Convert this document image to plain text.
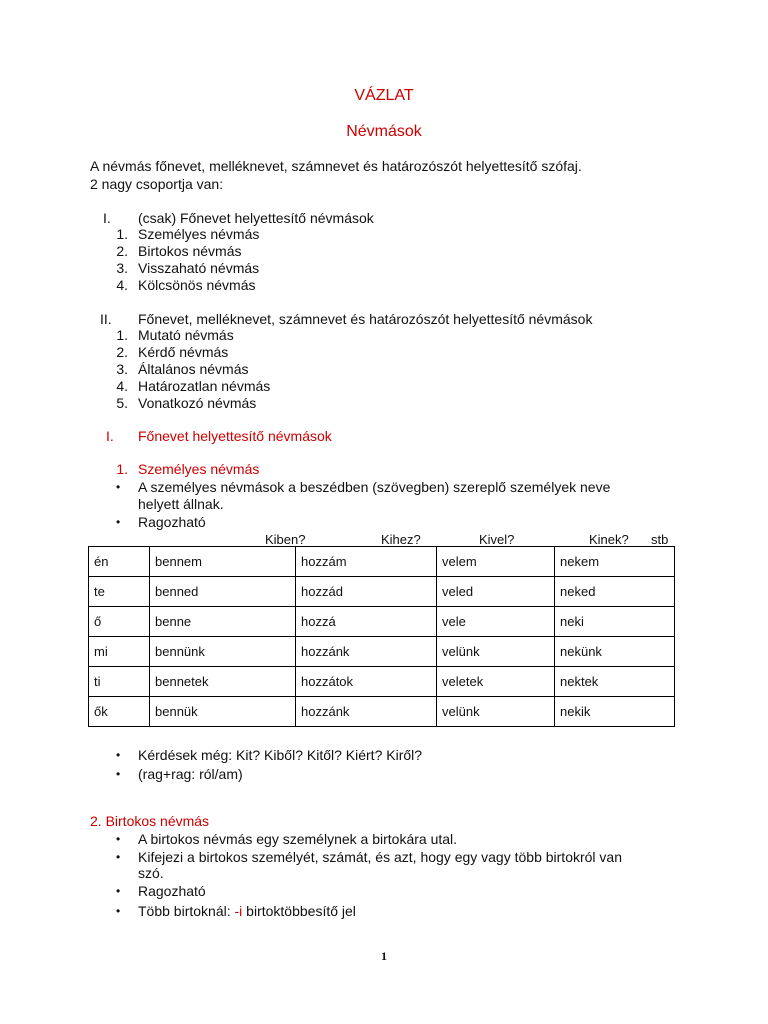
VÁZLAT
Névmások
A névmás főnevet, melléknevet, számnevet és határozószót helyettesítő szófaj.
2 nagy csoportja van:
I. (csak) Főnevet helyettesítő névmások
1. Személyes névmás
2. Birtokos névmás
3. Visszaható névmás
4. Kölcsönös névmás
II. Főnevet, melléknevet, számnevet és határozószót helyettesítő névmások
1. Mutató névmás
2. Kérdő névmás
3. Általános névmás
4. Határozatlan névmás
5. Vonatkozó névmás
I. Főnevet helyettesítő névmások
1. Személyes névmás
• A személyes névmások a beszédben (szövegben) szereplő személyek neve
helyett állnak.
• Ragozható
Kiben?	Kihez?	Kivel?	Kinek? stb
én	bennem	hozzám	velem	nekem
te	benned	hozzád	veled	neked
ő	benne	hozzá	vele	neki
mi	bennünk	hozzánk	velünk	nekünk
ti	bennetek	hozzátok	veletek	nektek
ők	bennük	hozzánk	velünk	nekik
• Kérdések még: Kit? Kiből? Kitől? Kiért? Kiről?
• (rag+rag: ról/am)
2. Birtokos névmás
• A birtokos névmás egy személynek a birtokára utal.
• Kifejezi a birtokos személyét, számát, és azt, hogy egy vagy több birtokról van
szó.
• Ragozható
• Több birtoknál: -i birtoktöbbesítő jel
1
